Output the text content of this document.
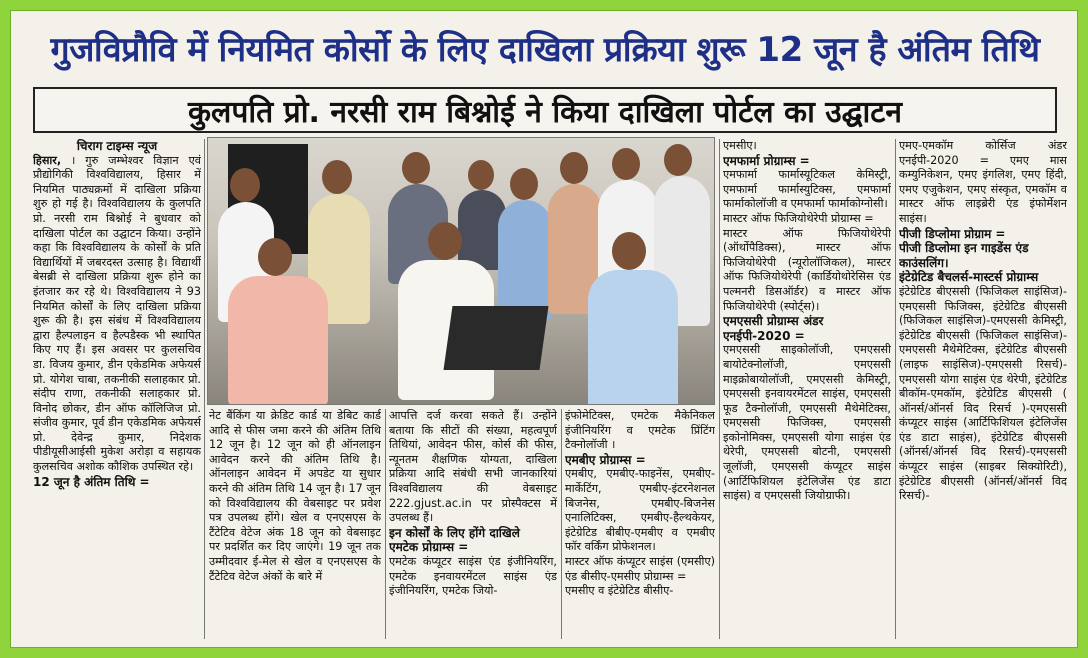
गुजविप्रौवि में नियमित कोर्सो के लिए दाखिला प्रक्रिया शुरू 12 जून है अंतिम तिथि
कुलपति प्रो. नरसी राम बिश्नोई ने किया दाखिला पोर्टल का उद्घाटन
चिराग टाइम्स न्यूज

हिसार, । गुरु जम्भेश्वर विज्ञान एवं प्रौद्योगिकी विश्वविद्यालय, हिसार में नियमित पाठ्यक्रमों में दाखिला प्रक्रिया शुरु हो गई है। विश्वविद्यालय के कुलपति प्रो. नरसी राम बिश्नोई ने बुधवार को दाखिला पोर्टल का उद्घाटन किया। उन्होंने कहा कि विश्वविद्यालय के कोर्सों के प्रति विद्यार्थियों में जबरदस्त उत्साह है। विद्यार्थी बेसब्री से दाखिला प्रक्रिया शुरू होने का इंतजार कर रहे थे। विश्वविद्यालय ने 93 नियमित कोर्सों के लिए दाखिला प्रक्रिया शुरू की है। इस संबंध में विश्वविद्यालय द्वारा हैल्पलाइन व हैल्पडैस्क भी स्थापित किए गए हैं। इस अवसर पर कुलसचिव डा. विजय कुमार, डीन एकेडमिक अफेयर्स प्रो. योगेश चाबा, तकनीकी सलाहकार प्रो. संदीप राणा, तकनीकी सलाहकार प्रो. विनोद छोकर, डीन ऑफ कॉलिजिज प्रो. संजीव कुमार, पूर्व डीन एकेडमिक अफेयर्स प्रो. देवेन्द्र कुमार, निदेशक पीडीयूसीआईसी मुकेश अरोड़ा व सहायक कुलसचिव अशोक कौशिक उपस्थित रहे।

12 जून है अंतिम तिथि =

नेट बैंकिंग या क्रेडिट कार्ड या डेबिट कार्ड आदि से फीस जमा करने की अंतिम तिथि 12 जून है। 12 जून को ही ऑनलाइन आवेदन करने की अंतिम तिथि है। ऑनलाइन आवेदन में अपडेट या सुधार करने की अंतिम तिथि 14 जून है। 17 जून को विश्वविद्यालय की वेबसाइट पर प्रवेश पत्र उपलब्ध होंगे। खेल व एनएसएस के टैंटेटिव वेटेज अंक 18 जून को वेबसाइट पर प्रदर्शित कर दिए जाएंगे। 19 जून तक उम्मीदवार ई-मेल से खेल व एनएसएस के टैंटेटिव वेटेज अंकों के बारे में

आपत्ति दर्ज करवा सकते हैं। उन्होंने बताया कि सीटों की संख्या, महत्वपूर्ण तिथियां, आवेदन फीस, कोर्स की फीस, न्यूनतम शैक्षणिक योग्यता, दाखिला प्रक्रिया आदि संबंधी सभी जानकारियां विश्वविद्यालय की वेबसाइट 222.gjust.ac.in पर प्रोस्पैक्टस में उपलब्ध हैं।

इन कोर्सों के लिए होंगे दाखिले
एमटेक प्रोग्राम्स =

एमटेक कंप्यूटर साइंस एंड इंजीनियरिंग, एमटेक इनवायरमेंटल साइंस एंड इंजीनियरिंग, एमटेक जियो-

इंफोमेटिक्स, एमटेक मैकेनिकल इंजीनियरिंग व एमटेक प्रिंटिंग टैक्नोलॉजी ।

एमबीए प्रोग्राम्स =

एमबीए, एमबीए-फाइनेंस, एमबीए-मार्केटिंग, एमबीए-इंटरनेशनल बिजनेस, एमबीए-बिजनेस एनालिटिक्स, एमबीए-हैल्थकेयर, इंटेग्रेटिड बीबीए-एमबीए व एमबीए फॉर वर्किंग प्रोफेशनल।

मास्टर ऑफ कंप्यूटर साइंस (एमसीए) एंड बीसीए-एमसीए प्रोग्राम्स =

एमसीए व इंटेग्रेटिड बीसीए-

एमसीए।

एमफार्मा प्रोग्राम्स =

एमफार्मा फार्मास्यूटिकल केमिस्ट्री, एमफार्मा फार्मास्युटिक्स, एमफार्मा फार्माकोलॉजी व एमफार्मा फार्माकोग्नोसी।

मास्टर ऑफ फिजियोथेरेपी प्रोग्राम्स =

मास्टर ऑफ फिजियोथेरेपी (ऑर्थोपैडिक्स), मास्टर ऑफ फिजियोथेरेपी (न्यूरोलॉजिकल), मास्टर ऑफ फिजियोथेरेपी (कार्डियोथोरेसिस एंड पल्मनरी डिसऑर्डर) व मास्टर ऑफ फिजियोथेरेपी (स्पोर्ट्स)।

एमएससी प्रोग्राम्स अंडर एनईपी-2020 =

एमएससी साइकोलॉजी, एमएससी बायोटेक्नोलॉजी, एमएससी माइक्रोबायोलॉजी, एमएससी केमिस्ट्री, एमएससी इनवायरमेंटल साइंस, एमएससी फूड टैक्नोलॉजी, एमएससी मैथेमेटिक्स, एमएससी फिजिक्स, एमएससी इकोनोमिक्स, एमएससी योगा साइंस एंड थेरेपी, एमएससी बोटनी, एमएससी जूलॉजी, एमएससी कंप्यूटर साइंस (आर्टिफिशियल इंटेलिजेंस एंड डाटा साइंस) व एमएससी जियोग्राफी।

एमए-एमकॉम कोर्सिज अंडर एनईपी-2020 = एमए मास कम्युनिकेशन, एमए इंगलिश, एमए हिंदी, एमए एजुकेशन, एमए संस्कृत, एमकॉम व मास्टर ऑफ लाइब्रेरी एंड इंफोर्मेशन साइंस।

पीजी डिप्लोमा प्रोग्राम =
पीजी डिप्लोमा इन गाइडेंस एंड काउंसलिंग।
इंटेग्रेटिड बैचलर्स-मास्टर्स प्रोग्राम्स

इंटेग्रेटिड बीएससी (फिजिकल साइंसिज)-एमएससी फिजिक्स, इंटेग्रेटिड बीएससी (फिजिकल साइंसिज)-एमएससी केमिस्ट्री, इंटेग्रेटिड बीएससी (फिजिकल साइंसिज)-एमएससी मैथेमेटिक्स, इंटेग्रेटिड बीएससी (लाइफ साइंसिज)-एमएससी रिसर्च)-एमएससी योगा साइंस एंड थेरेपी, इंटेग्रेटिड बीकॉम-एमकॉम, इंटेग्रेटिड बीएससी ( ऑनर्स/ऑनर्स विद रिसर्च )-एमएससी कंप्यूटर साइंस (आर्टिफिशियल इंटेलिजेंस एंड डाटा साइंस), इंटेग्रेटिड बीएससी (ऑनर्स/ऑनर्स विद रिसर्च)-एमएससी कंप्यूटर साइंस (साइबर सिक्योरिटी), इंटेग्रेटिड बीएससी (ऑनर्स/ऑनर्स विद रिसर्च)-
